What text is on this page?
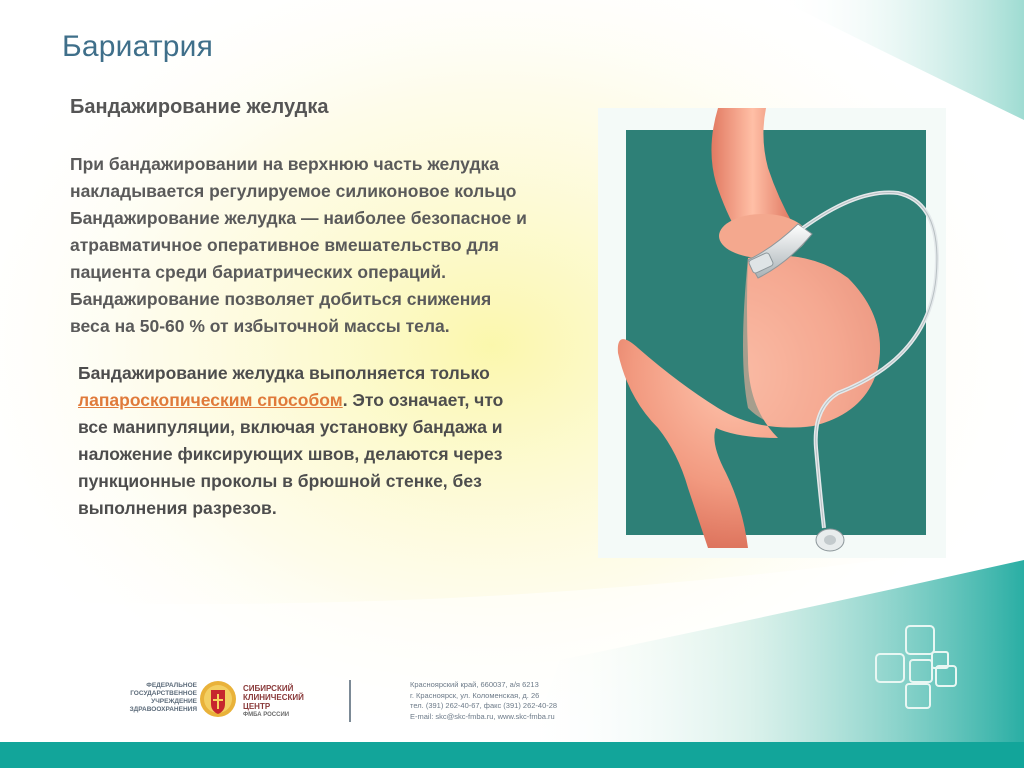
Бариатрия
Бандажирование желудка
При бандажировании на верхнюю часть желудка
накладывается регулируемое силиконовое кольцо
Бандажирование желудка — наиболее безопасное и
атравматичное оперативное вмешательство для
пациента среди бариатрических операций.
Бандажирование позволяет добиться снижения
веса на 50-60 % от избыточной массы тела.
Бандажирование желудка выполняется только
лапароскопическим способом. Это означает, что
все манипуляции, включая установку бандажа и
наложение фиксирующих швов, делаются через
пункционные проколы в брюшной стенке, без
выполнения разрезов.
ФЕДЕРАЛЬНОЕ
ГОСУДАРСТВЕННОЕ
УЧРЕЖДЕНИЕ
ЗДРАВООХРАНЕНИЯ
СИБИРСКИЙ
КЛИНИЧЕСКИЙ
ЦЕНТР
ФМБА РОССИИ
Красноярский край, 660037, а/я 6213
г. Красноярск, ул. Коломенская, д. 26
тел. (391) 262-40-67, факс (391) 262-40-28
E-mail: skc@skc-fmba.ru, www.skc-fmba.ru
